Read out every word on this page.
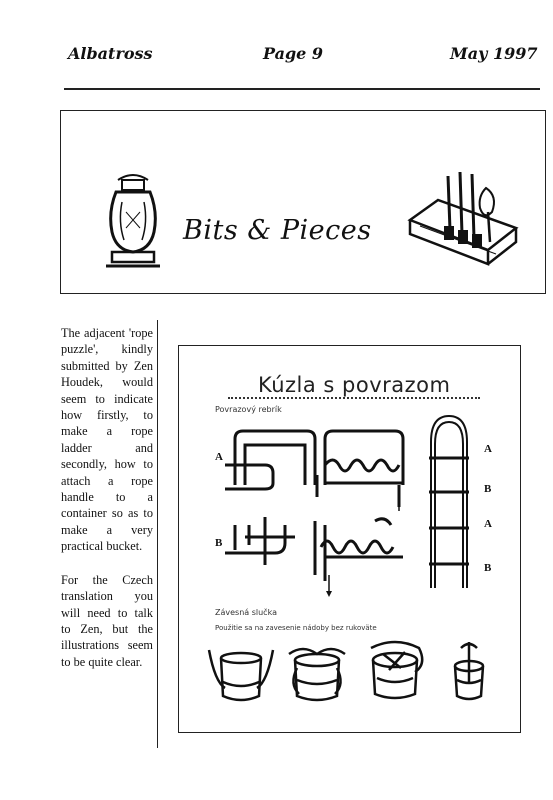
Albatross	Page 9	May 1997
Bits & Pieces

The adjacent 'rope puzzle', kindly submitted by Zen Houdek, would seem to indicate how firstly, to make a rope ladder and secondly, how to attach a rope handle to a container so as to make a very practical bucket.

For the Czech translation you will need to talk to Zen, but the illustrations seem to be quite clear.

Kúzla s povrazom
Povrazový rebrík
A
B
A
B
A
B
Závesná slučka
Použitie sa na zavesenie nádoby bez rukoväte
